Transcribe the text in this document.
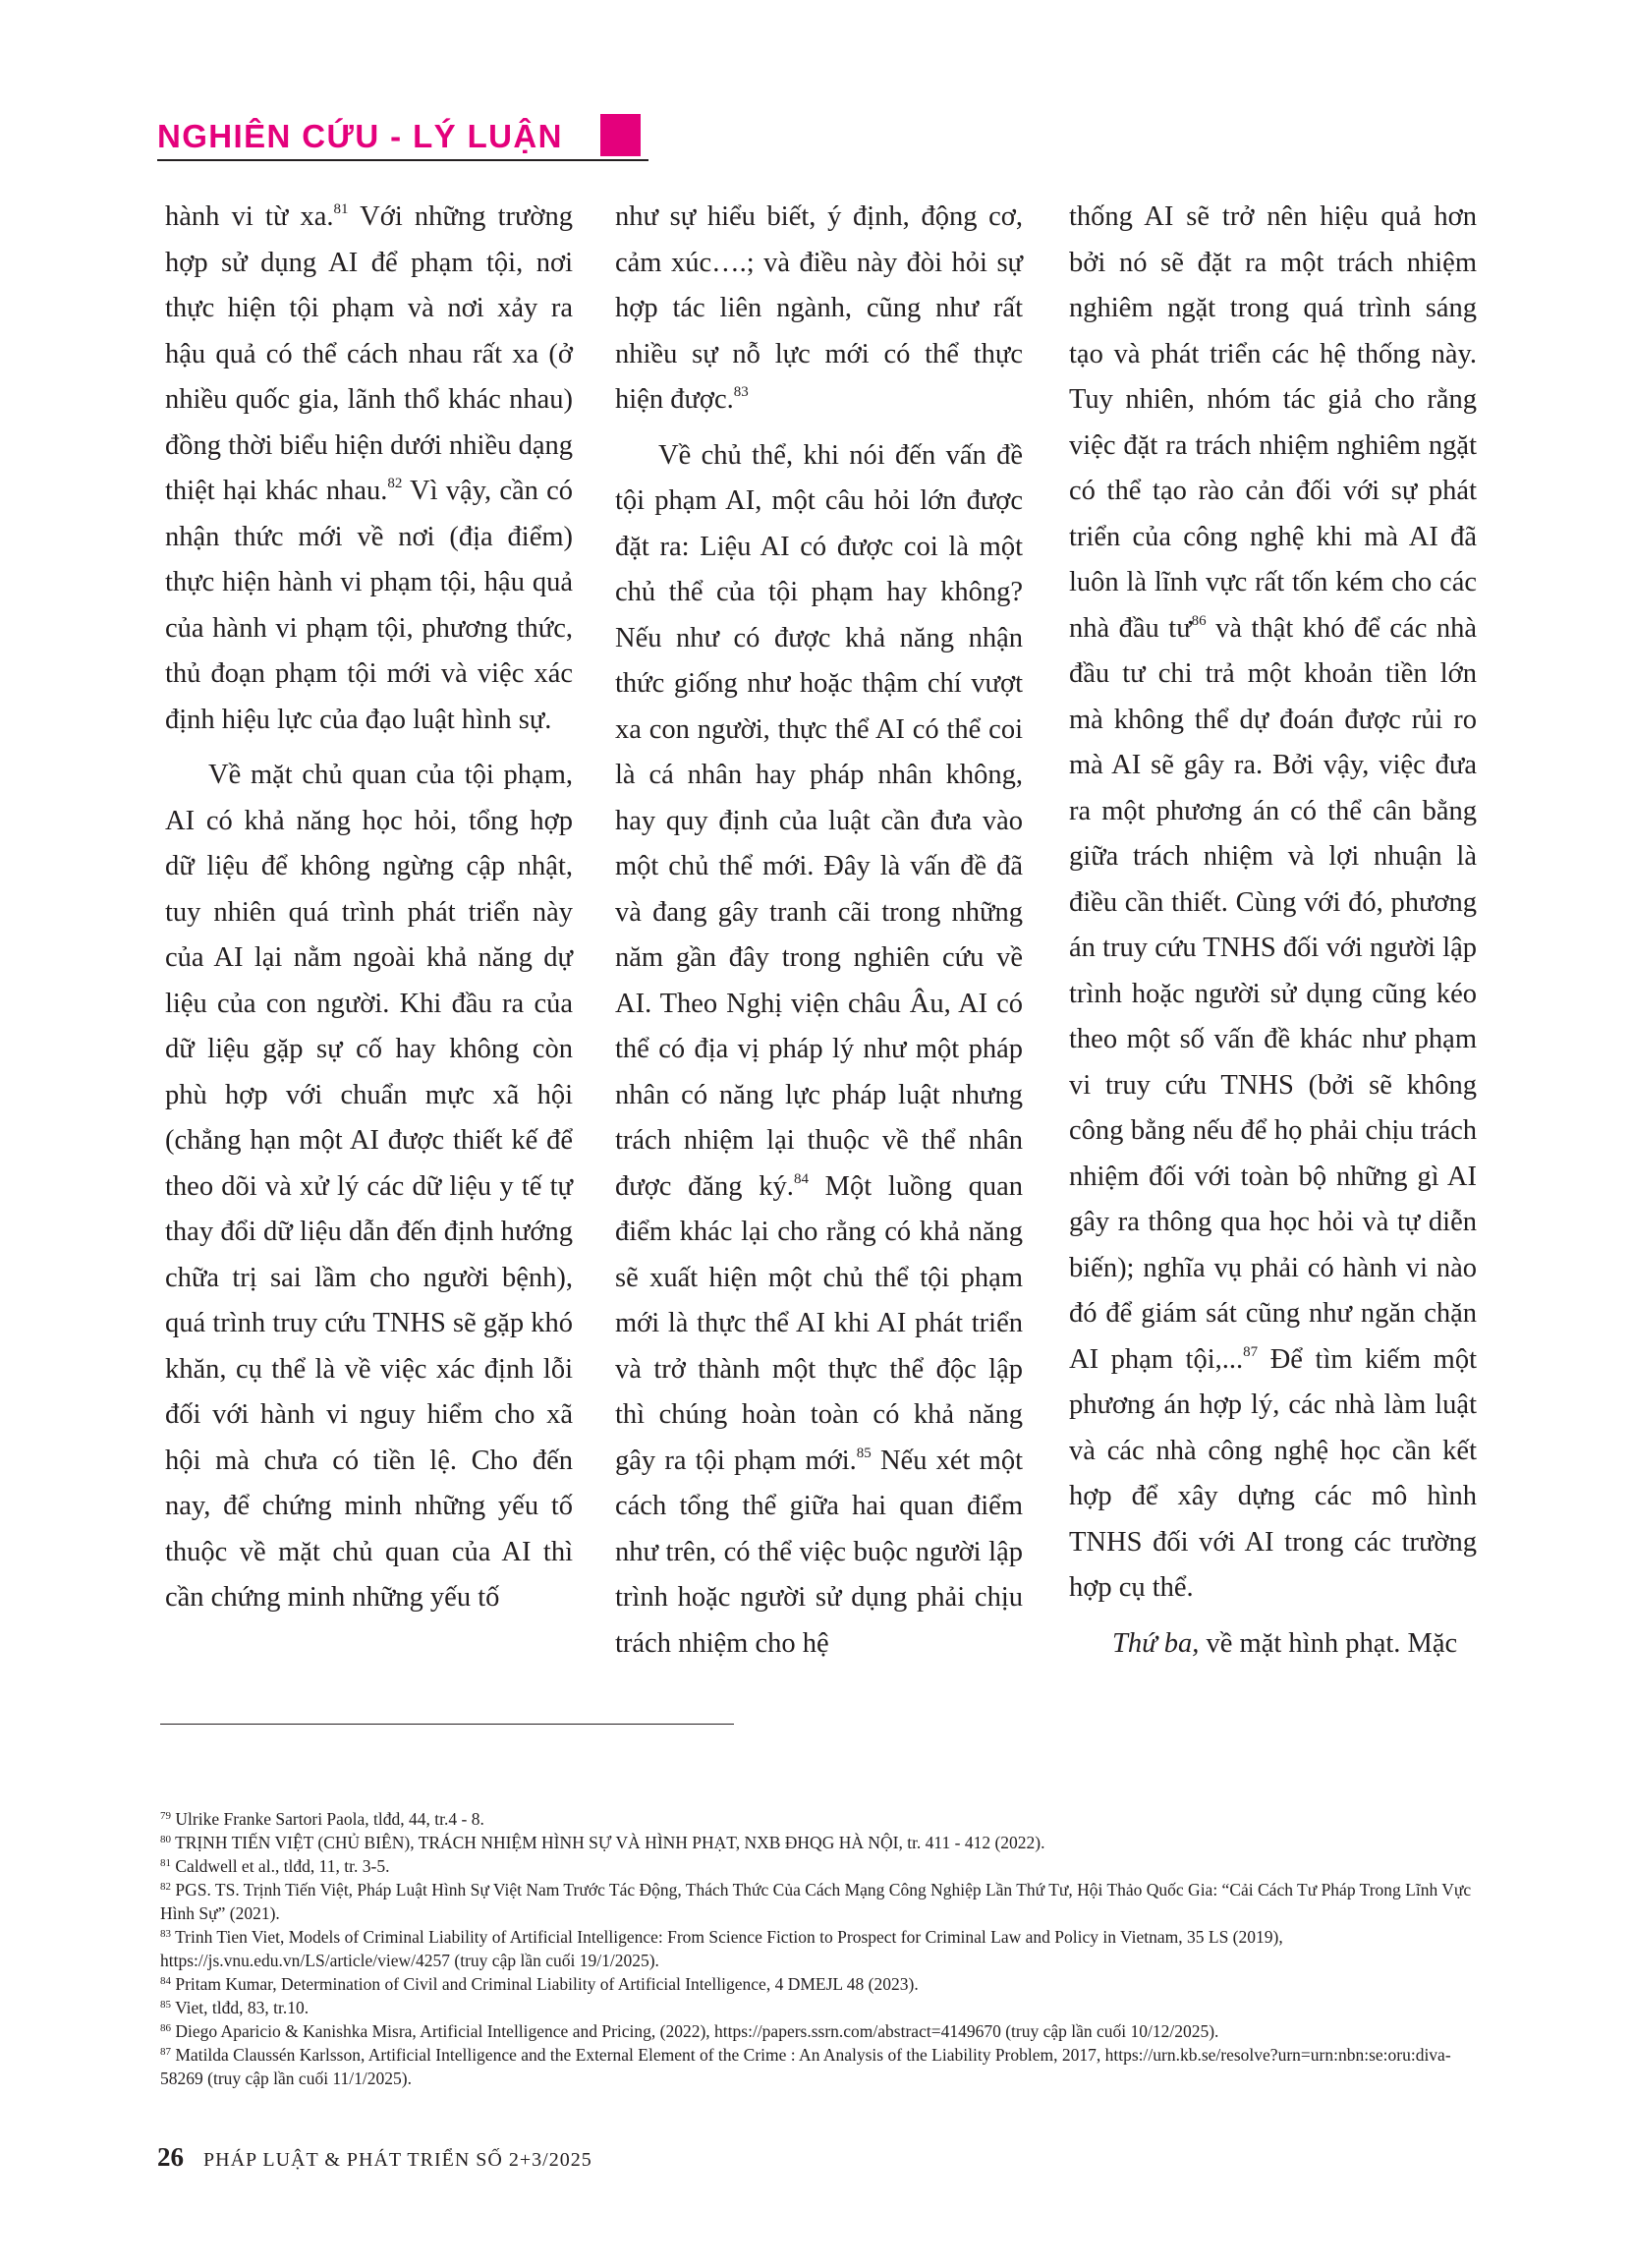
NGHIÊN CỨU - LÝ LUẬN

hành vi từ xa.$^{81}$ Với những trường hợp sử dụng AI để phạm tội, nơi thực hiện tội phạm và nơi xảy ra hậu quả có thể cách nhau rất xa (ở nhiều quốc gia, lãnh thổ khác nhau) đồng thời biểu hiện dưới nhiều dạng thiệt hại khác nhau.$^{82}$ Vì vậy, cần có nhận thức mới về nơi (địa điểm) thực hiện hành vi phạm tội, hậu quả của hành vi phạm tội, phương thức, thủ đoạn phạm tội mới và việc xác định hiệu lực của đạo luật hình sự.

Về mặt chủ quan của tội phạm, AI có khả năng học hỏi, tổng hợp dữ liệu để không ngừng cập nhật, tuy nhiên quá trình phát triển này của AI lại nằm ngoài khả năng dự liệu của con người. Khi đầu ra của dữ liệu gặp sự cố hay không còn phù hợp với chuẩn mực xã hội (chẳng hạn một AI được thiết kế để theo dõi và xử lý các dữ liệu y tế tự thay đổi dữ liệu dẫn đến định hướng chữa trị sai lầm cho người bệnh), quá trình truy cứu TNHS sẽ gặp khó khăn, cụ thể là về việc xác định lỗi đối với hành vi nguy hiểm cho xã hội mà chưa có tiền lệ. Cho đến nay, để chứng minh những yếu tố thuộc về mặt chủ quan của AI thì cần chứng minh những yếu tố

như sự hiểu biết, ý định, động cơ, cảm xúc….; và điều này đòi hỏi sự hợp tác liên ngành, cũng như rất nhiều sự nỗ lực mới có thể thực hiện được.$^{83}$

Về chủ thể, khi nói đến vấn đề tội phạm AI, một câu hỏi lớn được đặt ra: Liệu AI có được coi là một chủ thể của tội phạm hay không? Nếu như có được khả năng nhận thức giống như hoặc thậm chí vượt xa con người, thực thể AI có thể coi là cá nhân hay pháp nhân không, hay quy định của luật cần đưa vào một chủ thể mới. Đây là vấn đề đã và đang gây tranh cãi trong những năm gần đây trong nghiên cứu về AI. Theo Nghị viện châu Âu, AI có thể có địa vị pháp lý như một pháp nhân có năng lực pháp luật nhưng trách nhiệm lại thuộc về thể nhân được đăng ký.$^{84}$ Một luồng quan điểm khác lại cho rằng có khả năng sẽ xuất hiện một chủ thể tội phạm mới là thực thể AI khi AI phát triển và trở thành một thực thể độc lập thì chúng hoàn toàn có khả năng gây ra tội phạm mới.$^{85}$ Nếu xét một cách tổng thể giữa hai quan điểm như trên, có thể việc buộc người lập trình hoặc người sử dụng phải chịu trách nhiệm cho hệ

thống AI sẽ trở nên hiệu quả hơn bởi nó sẽ đặt ra một trách nhiệm nghiêm ngặt trong quá trình sáng tạo và phát triển các hệ thống này. Tuy nhiên, nhóm tác giả cho rằng việc đặt ra trách nhiệm nghiêm ngặt có thể tạo rào cản đối với sự phát triển của công nghệ khi mà AI đã luôn là lĩnh vực rất tốn kém cho các nhà đầu $tư^{86}$ và thật khó để các nhà đầu tư chi trả một khoản tiền lớn mà không thể dự đoán được rủi ro mà AI sẽ gây ra. Bởi vậy, việc đưa ra một phương án có thể cân bằng giữa trách nhiệm và lợi nhuận là điều cần thiết. Cùng với đó, phương án truy cứu TNHS đối với người lập trình hoặc người sử dụng cũng kéo theo một số vấn đề khác như phạm vi truy cứu TNHS (bởi sẽ không công bằng nếu để họ phải chịu trách nhiệm đối với toàn bộ những gì AI gây ra thông qua học hỏi và tự diễn biến); nghĩa vụ phải có hành vi nào đó để giám sát cũng như ngăn chặn AI phạm tội,...$^{87}$ Để tìm kiếm một phương án hợp lý, các nhà làm luật và các nhà công nghệ học cần kết hợp để xây dựng các mô hình TNHS đối với AI trong các trường hợp cụ thể.

Thứ ba, về mặt hình phạt. Mặc

$^{79}$ Ulrike Franke Sartori Paola, tlđd, 44, tr.4 - 8.

$^{80}$ TRỊNH TIẾN VIỆT (CHỦ BIÊN), TRÁCH NHIỆM HÌNH SỰ VÀ HÌNH PHẠT, NXB ĐHQG HÀ NỘI, tr. 411 - 412 (2022).

$^{81}$ Caldwell et al., tlđd, 11, tr. 3-5.

$^{82}$ PGS. TS. Trịnh Tiến Việt, Pháp Luật Hình Sự Việt Nam Trước Tác Động, Thách Thức Của Cách Mạng Công Nghiệp Lần Thứ Tư, Hội Thảo Quốc Gia: “Cải Cách Tư Pháp Trong Lĩnh Vực Hình Sự” (2021).

$^{83}$ Trinh Tien Viet, Models of Criminal Liability of Artificial Intelligence: From Science Fiction to Prospect for Criminal Law and Policy in Vietnam, 35 LS (2019), https://js.vnu.edu.vn/LS/article/view/4257 (truy cập lần cuối 19/1/2025).

$^{84}$ Pritam Kumar, Determination of Civil and Criminal Liability of Artificial Intelligence, 4 DMEJL 48 (2023).

$^{85}$ Viet, tlđd, 83, tr.10.

$^{86}$ Diego Aparicio & Kanishka Misra, Artificial Intelligence and Pricing, (2022), https://papers.ssrn.com/abstract=4149670 (truy cập lần cuối 10/12/2025).

$^{87}$ Matilda Claussén Karlsson, Artificial Intelligence and the External Element of the Crime : An Analysis of the Liability Problem, 2017, https://urn.kb.se/resolve?urn=urn:nbn:se:oru:diva-58269 (truy cập lần cuối 11/1/2025).

26 PHÁP LUẬT & PHÁT TRIỂN SỐ 2+3/2025
